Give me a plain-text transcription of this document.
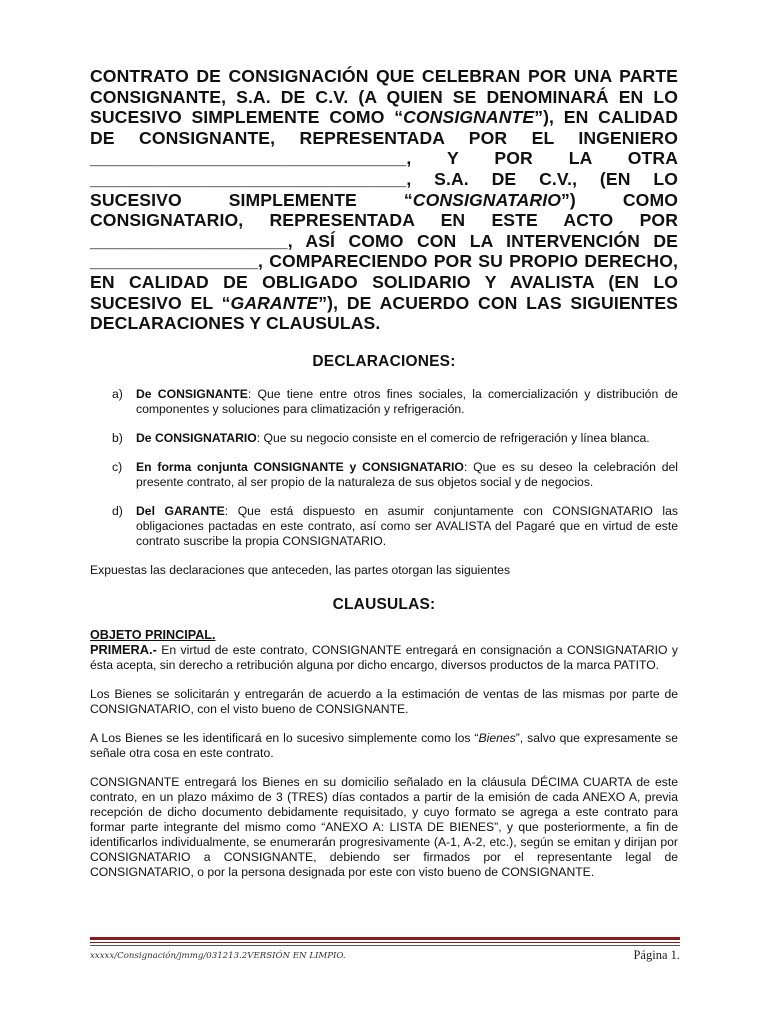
CONTRATO DE CONSIGNACIÓN QUE CELEBRAN POR UNA PARTE
CONSIGNANTE, S.A. DE C.V. (A QUIEN SE DENOMINARÁ EN LO
SUCESIVO SIMPLEMENTE COMO “CONSIGNANTE”), EN CALIDAD
DE CONSIGNANTE, REPRESENTADA POR EL INGENIERO
________________________________, Y POR LA OTRA
________________________________, S.A. DE C.V., (EN LO
SUCESIVO SIMPLEMENTE “CONSIGNATARIO”) COMO
CONSIGNATARIO, REPRESENTADA EN ESTE ACTO POR
____________________, ASÍ COMO CON LA INTERVENCIÓN DE
_________________, COMPARECIENDO POR SU PROPIO DERECHO,
EN CALIDAD DE OBLIGADO SOLIDARIO Y AVALISTA (EN LO
SUCESIVO EL “GARANTE”), DE ACUERDO CON LAS SIGUIENTES
DECLARACIONES Y CLAUSULAS.
DECLARACIONES:
a) De CONSIGNANTE: Que tiene entre otros fines sociales, la comercialización y distribución de componentes y soluciones para climatización y refrigeración.
b) De CONSIGNATARIO: Que su negocio consiste en el comercio de refrigeración y línea blanca.
c) En forma conjunta CONSIGNANTE y CONSIGNATARIO: Que es su deseo la celebración del presente contrato, al ser propio de la naturaleza de sus objetos social y de negocios.
d) Del GARANTE: Que está dispuesto en asumir conjuntamente con CONSIGNATARIO las obligaciones pactadas en este contrato, así como ser AVALISTA del Pagaré que en virtud de este contrato suscribe la propia CONSIGNATARIO.

Expuestas las declaraciones que anteceden, las partes otorgan las siguientes

CLAUSULAS:

OBJETO PRINCIPAL.

PRIMERA.- En virtud de este contrato, CONSIGNANTE entregará en consignación a CONSIGNATARIO y ésta acepta, sin derecho a retribución alguna por dicho encargo, diversos productos de la marca PATITO.

Los Bienes se solicitarán y entregarán de acuerdo a la estimación de ventas de las mismas por parte de CONSIGNATARIO, con el visto bueno de CONSIGNANTE.

A Los Bienes se les identificará en lo sucesivo simplemente como los “Bienes”, salvo que expresamente se señale otra cosa en este contrato.

CONSIGNANTE entregará los Bienes en su domicilio señalado en la cláusula DÉCIMA CUARTA de este contrato, en un plazo máximo de 3 (TRES) días contados a partir de la emisión de cada ANEXO A, previa recepción de dicho documento debidamente requisitado, y cuyo formato se agrega a este contrato para formar parte integrante del mismo como “ANEXO A: LISTA DE BIENES”, y que posteriormente, a fin de identificarlos individualmente, se enumerarán progresivamente (A-1, A-2, etc.), según se emitan y dirijan por CONSIGNATARIO a CONSIGNANTE, debiendo ser firmados por el representante legal de CONSIGNATARIO, o por la persona designada por este con visto bueno de CONSIGNANTE.

xxxxx/Consignación/jmmg/031213.2VERSIÓN EN LIMPIO.	Página 1.
